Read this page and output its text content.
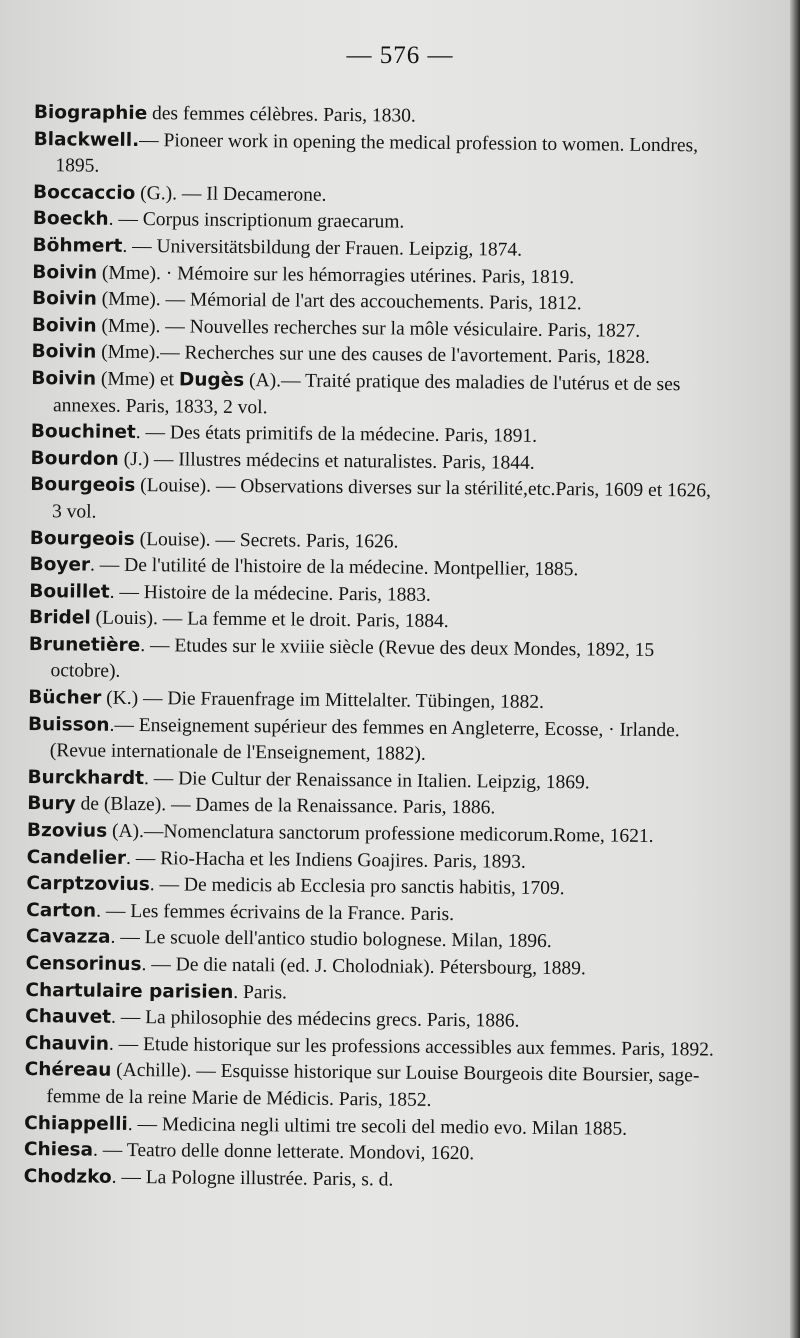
— 576 —

Biographie des femmes célèbres. Paris, 1830.

Blackwell.— Pioneer work in opening the medical profession to women. Londres, 1895.

Boccaccio (G.). — Il Decamerone.

Boeckh. — Corpus inscriptionum graecarum.

Böhmert. — Universitätsbildung der Frauen. Leipzig, 1874.

Boivin (Mme). · Mémoire sur les hémorragies utérines. Paris, 1819.

Boivin (Mme). — Mémorial de l'art des accouchements. Paris, 1812.

Boivin (Mme). — Nouvelles recherches sur la môle vésiculaire. Paris, 1827.

Boivin (Mme).— Recherches sur une des causes de l'avortement. Paris, 1828.

Boivin (Mme) et Dugès (A).— Traité pratique des maladies de l'utérus et de ses annexes. Paris, 1833, 2 vol.

Bouchinet. — Des états primitifs de la médecine. Paris, 1891.

Bourdon (J.) — Illustres médecins et naturalistes. Paris, 1844.

Bourgeois (Louise). — Observations diverses sur la stérilité,etc.Paris, 1609 et 1626, 3 vol.

Bourgeois (Louise). — Secrets. Paris, 1626.

Boyer. — De l'utilité de l'histoire de la médecine. Montpellier, 1885.

Bouillet. — Histoire de la médecine. Paris, 1883.

Bridel (Louis). — La femme et le droit. Paris, 1884.

Brunetière. — Etudes sur le xviiie siècle (Revue des deux Mondes, 1892, 15 octobre).

Bücher (K.) — Die Frauenfrage im Mittelalter. Tübingen, 1882.

Buisson.— Enseignement supérieur des femmes en Angleterre, Ecosse, · Irlande. (Revue internationale de l'Enseignement, 1882).

Burckhardt. — Die Cultur der Renaissance in Italien. Leipzig, 1869.

Bury de (Blaze). — Dames de la Renaissance. Paris, 1886.

Bzovius (A).—Nomenclatura sanctorum professione medicorum.Rome, 1621.

Candelier. — Rio-Hacha et les Indiens Goajires. Paris, 1893.

Carptzovius. — De medicis ab Ecclesia pro sanctis habitis, 1709.

Carton. — Les femmes écrivains de la France. Paris.

Cavazza. — Le scuole dell'antico studio bolognese. Milan, 1896.

Censorinus. — De die natali (ed. J. Cholodniak). Pétersbourg, 1889.

Chartulaire parisien. Paris.

Chauvet. — La philosophie des médecins grecs. Paris, 1886.

Chauvin. — Etude historique sur les professions accessibles aux femmes. Paris, 1892.

Chéreau (Achille). — Esquisse historique sur Louise Bourgeois dite Boursier, sage-femme de la reine Marie de Médicis. Paris, 1852.

Chiappelli. — Medicina negli ultimi tre secoli del medio evo. Milan 1885.

Chiesa. — Teatro delle donne letterate. Mondovi, 1620.

Chodzko. — La Pologne illustrée. Paris, s. d.
